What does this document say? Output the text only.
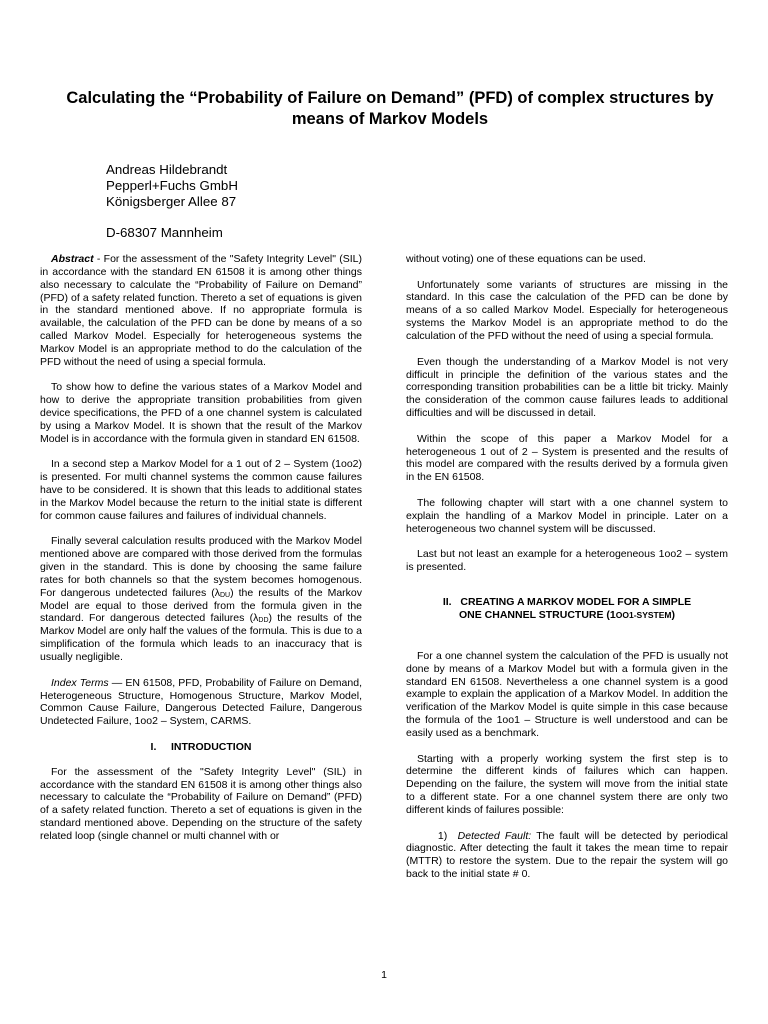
Calculating the “Probability of Failure on Demand” (PFD) of complex structures by means of Markov Models
Andreas Hildebrandt
Pepperl+Fuchs GmbH
Königsberger Allee 87
D-68307 Mannheim

Abstract - For the assessment of the "Safety Integrity Level" (SIL) in accordance with the standard EN 61508 it is among other things also necessary to calculate the “Probability of Failure on Demand” (PFD) of a safety related function. Thereto a set of equations is given in the standard mentioned above. If no appropriate formula is available, the calculation of the PFD can be done by means of a so called Markov Model. Especially for heterogeneous systems the Markov Model is an appropriate method to do the calculation of the PFD without the need of using a special formula.

To show how to define the various states of a Markov Model and how to derive the appropriate transition probabilities from given device specifications, the PFD of a one channel system is calculated by using a Markov Model. It is shown that the result of the Markov Model is in accordance with the formula given in standard EN 61508.

In a second step a Markov Model for a 1 out of 2 – System (1oo2) is presented. For multi channel systems the common cause failures have to be considered. It is shown that this leads to additional states in the Markov Model because the return to the initial state is different for common cause failures and failures of individual channels.

Finally several calculation results produced with the Markov Model mentioned above are compared with those derived from the formulas given in the standard. This is done by choosing the same failure rates for both channels so that the system becomes homogenous. For dangerous undetected failures $(\lambda_{DU})$ the results of the Markov Model are equal to those derived from the formula given in the standard. For dangerous detected failures $(\lambda_{DD})$ the results of the Markov Model are only half the values of the formula. This is due to a simplification of the formula which leads to an inaccuracy that is usually negligible.

Index Terms — EN 61508, PFD, Probability of Failure on Demand, Heterogeneous Structure, Homogenous Structure, Markov Model, Common Cause Failure, Dangerous Detected Failure, Dangerous Undetected Failure, 1oo2 – System, CARMS.

I. INTRODUCTION

For the assessment of the "Safety Integrity Level" (SIL) in accordance with the standard EN 61508 it is among other things also necessary to calculate the “Probability of Failure on Demand” (PFD) of a safety related function. Thereto a set of equations is given in the standard mentioned above. Depending on the structure of the safety related loop (single channel or multi channel with or

without voting) one of these equations can be used.

Unfortunately some variants of structures are missing in the standard. In this case the calculation of the PFD can be done by means of a so called Markov Model. Especially for heterogeneous systems the Markov Model is an appropriate method to do the calculation of the PFD without the need of using a special formula.

Even though the understanding of a Markov Model is not very difficult in principle the definition of the various states and the corresponding transition probabilities can be a little bit tricky. Mainly the consideration of the common cause failures leads to additional difficulties and will be discussed in detail.

Within the scope of this paper a Markov Model for a heterogeneous 1 out of 2 – System is presented and the results of this model are compared with the results derived by a formula given in the EN 61508.

The following chapter will start with a one channel system to explain the handling of a Markov Model in principle. Later on a heterogeneous two channel system will be discussed.

Last but not least an example for a heterogeneous 1oo2 – system is presented.

II. CREATING A MARKOV MODEL FOR A SIMPLE
ONE CHANNEL STRUCTURE (1OO1-SYSTEM)

For a one channel system the calculation of the PFD is usually not done by means of a Markov Model but with a formula given in the standard EN 61508. Nevertheless a one channel system is a good example to explain the application of a Markov Model. In addition the verification of the Markov Model is quite simple in this case because the formula of the 1oo1 – Structure is well understood and can be easily used as a benchmark.

Starting with a properly working system the first step is to determine the different kinds of failures which can happen. Depending on the failure, the system will move from the initial state to a different state. For a one channel system there are only two different kinds of failures possible:

1) Detected Fault: The fault will be detected by periodical diagnostic. After detecting the fault it takes the mean time to repair (MTTR) to restore the system. Due to the repair the system will go back to the initial state # 0.

1
